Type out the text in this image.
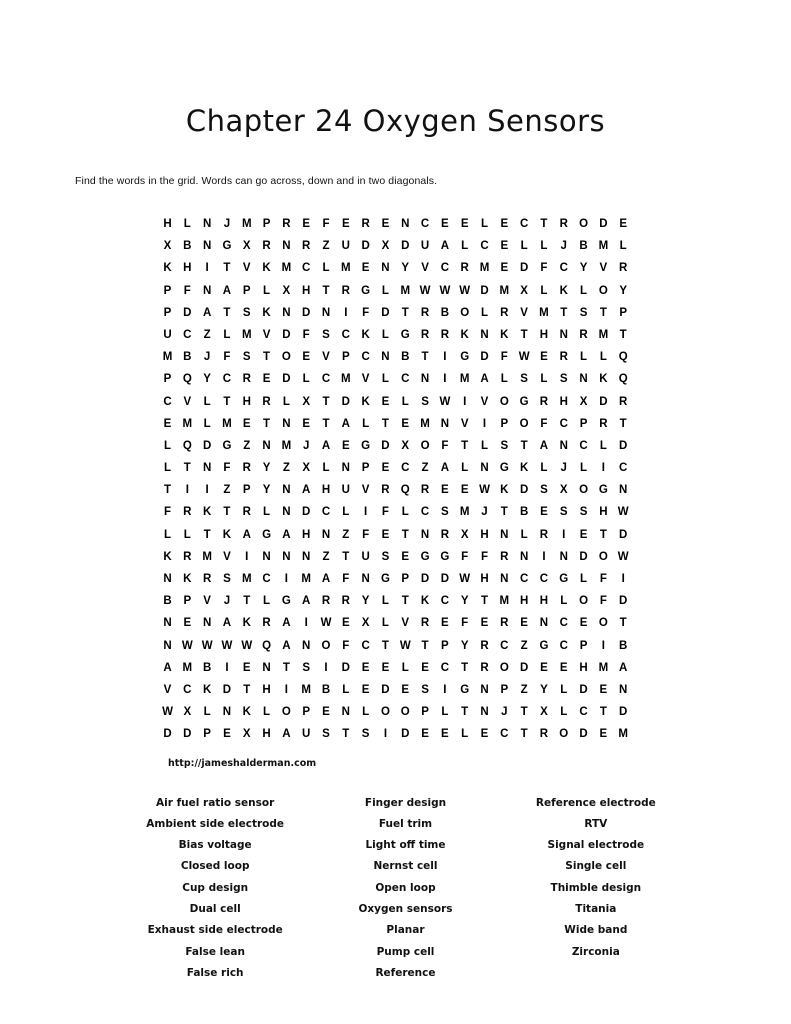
Chapter 24 Oxygen Sensors

Find the words in the grid. Words can go across, down and in two diagonals.

H	L	N	J	M P R E	F	E R E N C E E	L	E C	T	R O D E
X B N G X R N R	Z	U D X D U A	L	C E	L	L	J	B M	L
K H	I	T	V K M C	L	M E N Y V C R M E D	F	C Y V R
P	F	N A P	L	X H	T	R G	L	M W W W D M X	L	K	L	O Y
P D A	T	S K N D N	I	F	D	T	R B O	L	R V M	T	S	T	P
U C	Z	L	M V D	F	S C K	L	G R R K N K	T	H N R M	T
M B	J	F	S	T	O E V P C N B	T	I	G D	F W E R	L	L	Q
P Q Y C R E D	L	C M V	L	C N	I	M A	L	S	L	S N K Q
C V	L	T	H R	L	X	T	D K E	L	S W	I	V O G R H X D R
E M	L	M E	T	N E	T	A	L	T	E M N V	I	P O	F	C P R	T
L	Q D G	Z	N M	J	A E G D X O	F	T	L	S	T	A N C	L	D
L	T	N	F	R Y	Z	X	L	N P E C	Z	A	L	N G K	L	J	L	I	C
T	I	I	Z	P Y N A H U V R Q R E E W K D S X O G N
F	R K	T	R	L	N D C	L	I	F	L	C S M	J	T	B E S S H W
L	L	T	K A G A H N	Z	F	E	T	N R X H N	L	R	I	E	T	D
K R M V	I	N N N	Z	T	U S E G G	F	F	R N	I	N D O W
N K R S M C	I	M A	F	N G P D D W H N C C G	L	F	I
B P V	J	T	L	G A R R Y	L	T	K C Y	T	M H H	L	O	F	D
N E N A K R A	I	W E X	L	V R E	F	E R E N C E O	T
N W W W W Q A N O	F	C	T W T	P Y R C	Z	G C P	I	B
A M B	I	E N	T	S	I	D E E	L	E C	T	R O D E E H M A
V C K D	T	H	I	M B	L	E D E S	I	G N P	Z	Y	L	D E N
W X	L	N K	L	O P E N	L	O O P	L	T	N	J	T	X	L	C	T	D
D D P E X H A U S	T	S	I	D E E	L	E C	T	R O D E M
http://jameshalderman.com
Air fuel ratio sensor
Ambient side electrode
Bias voltage
Closed loop
Cup design
Dual cell
Exhaust side electrode
False lean
False rich
Finger design
Fuel trim
Light off time
Nernst cell
Open loop
Oxygen sensors
Planar
Pump cell
Reference
Reference electrode
RTV
Signal electrode
Single cell
Thimble design
Titania
Wide band
Zirconia
